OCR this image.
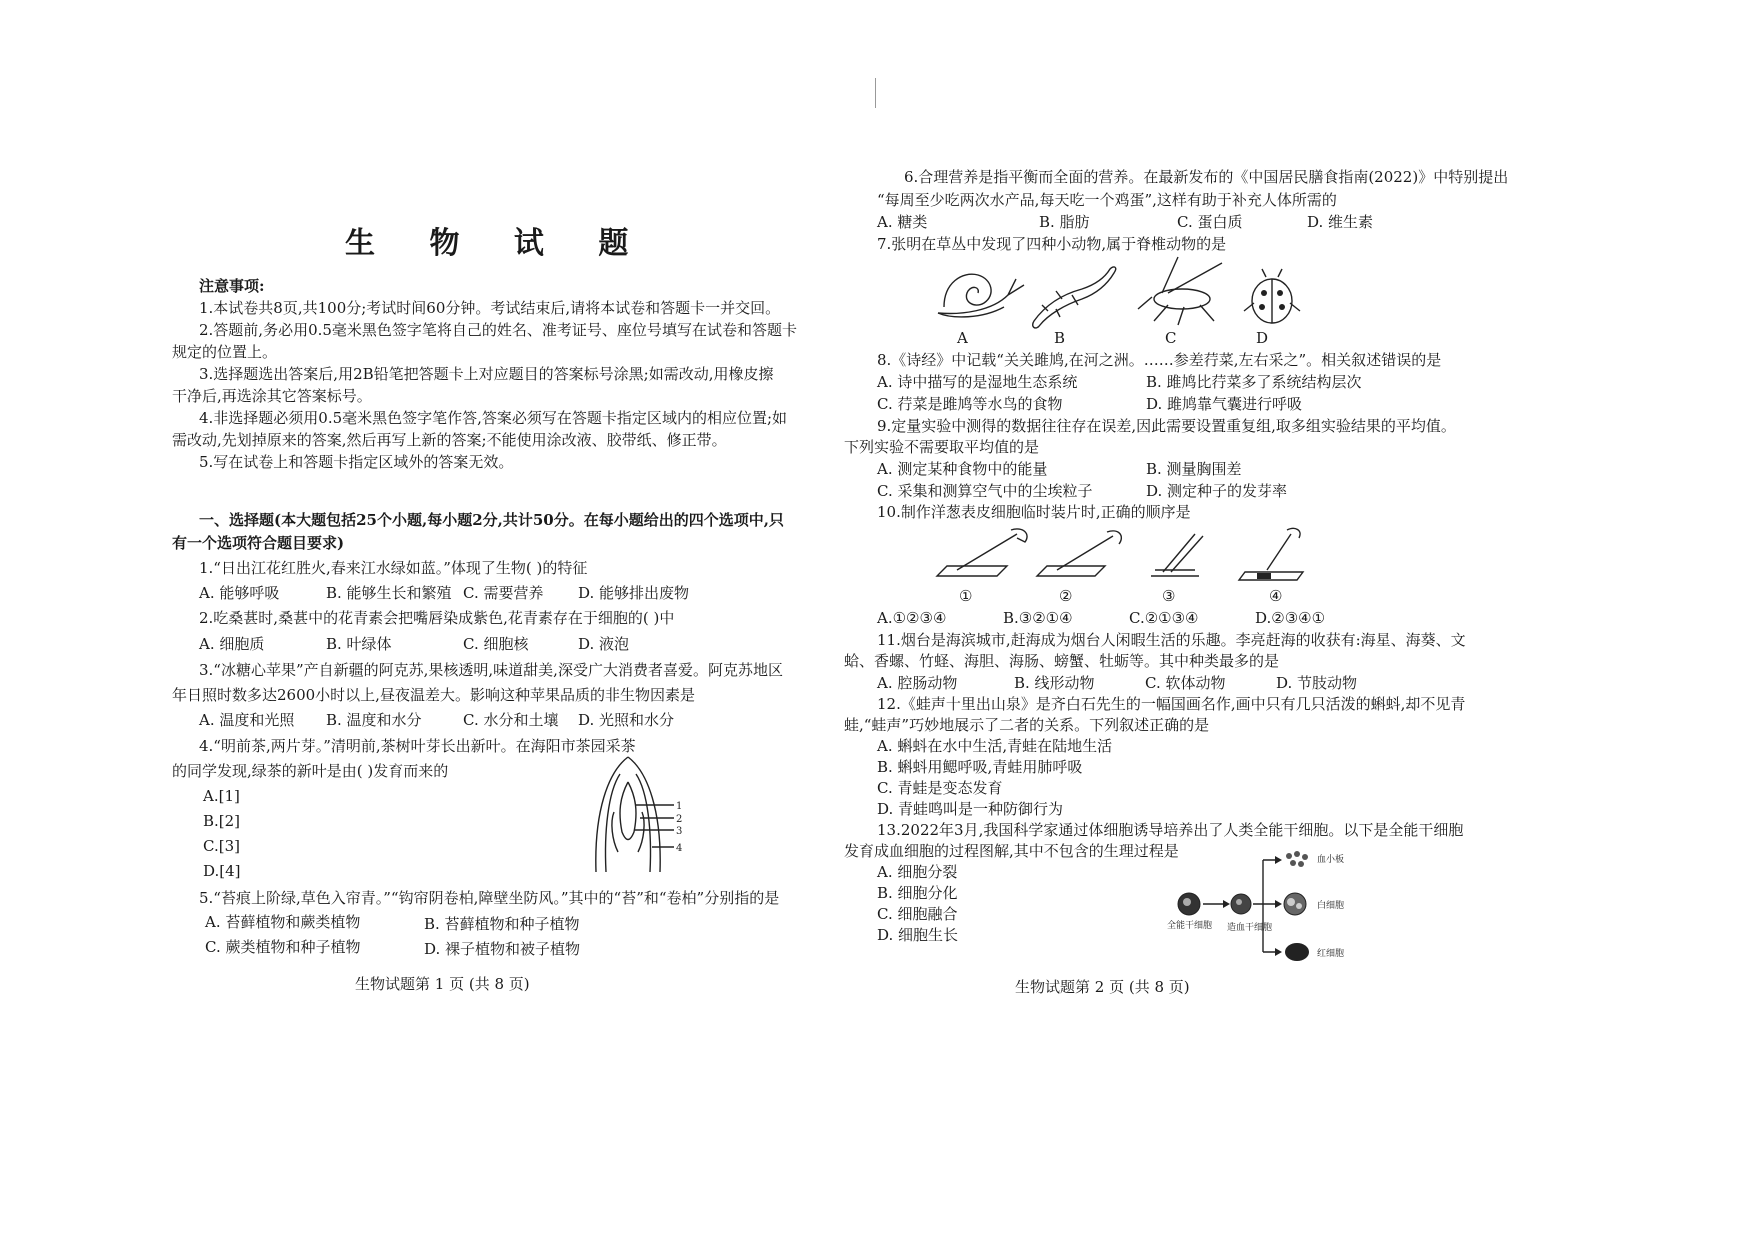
生 物 试 题
注意事项:
1.本试卷共8页,共100分;考试时间60分钟。考试结束后,请将本试卷和答题卡一并交回。
2.答题前,务必用0.5毫米黑色签字笔将自己的姓名、准考证号、座位号填写在试卷和答题卡
规定的位置上。
3.选择题选出答案后,用2B铅笔把答题卡上对应题目的答案标号涂黑;如需改动,用橡皮擦
干净后,再选涂其它答案标号。
4.非选择题必须用0.5毫米黑色签字笔作答,答案必须写在答题卡指定区域内的相应位置;如
需改动,先划掉原来的答案,然后再写上新的答案;不能使用涂改液、胶带纸、修正带。
5.写在试卷上和答题卡指定区域外的答案无效。
一、选择题(本大题包括25个小题,每小题2分,共计50分。在每小题给出的四个选项中,只
有一个选项符合题目要求)
1.“日出江花红胜火,春来江水绿如蓝。”体现了生物( )的特征
A. 能够呼吸	B. 能够生长和繁殖 C. 需要营养	D. 能够排出废物
2.吃桑葚时,桑葚中的花青素会把嘴唇染成紫色,花青素存在于细胞的( )中
A. 细胞质	B. 叶绿体	C. 细胞核	D. 液泡
3.“冰糖心苹果”产自新疆的阿克苏,果核透明,味道甜美,深受广大消费者喜爱。阿克苏地区
年日照时数多达2600小时以上,昼夜温差大。影响这种苹果品质的非生物因素是
A. 温度和光照	B. 温度和水分	C. 水分和土壤	D. 光照和水分
4.“明前茶,两片芽。”清明前,茶树叶芽长出新叶。在海阳市茶园采茶
的同学发现,绿茶的新叶是由( )发育而来的
A.[1]
B.[2]
C.[3]
D.[4]
1
2
3
4
5.“苔痕上阶绿,草色入帘青。”“钩帘阴卷柏,障壁坐防风。”其中的“苔”和“卷柏”分别指的是
A. 苔藓植物和蕨类植物	B. 苔藓植物和种子植物
C. 蕨类植物和种子植物	D. 裸子植物和被子植物
生物试题第 1 页 (共 8 页)
6.合理营养是指平衡而全面的营养。在最新发布的《中国居民膳食指南(2022)》中特别提出
“每周至少吃两次水产品,每天吃一个鸡蛋”,这样有助于补充人体所需的
A. 糖类	B. 脂肪	C. 蛋白质	D. 维生素
7.张明在草丛中发现了四种小动物,属于脊椎动物的是
A	B	C	D
8.《诗经》中记载“关关雎鸠,在河之洲。……参差荇菜,左右采之”。相关叙述错误的是
A. 诗中描写的是湿地生态系统	B. 雎鸠比荇菜多了系统结构层次
C. 荇菜是雎鸠等水鸟的食物	D. 雎鸠靠气囊进行呼吸
9.定量实验中测得的数据往往存在误差,因此需要设置重复组,取多组实验结果的平均值。
下列实验不需要取平均值的是
A. 测定某种食物中的能量	B. 测量胸围差
C. 采集和测算空气中的尘埃粒子	D. 测定种子的发芽率
10.制作洋葱表皮细胞临时装片时,正确的顺序是
①	②	③	④
A.①②③④	B.③②①④	C.②①③④	D.②③④①
11.烟台是海滨城市,赶海成为烟台人闲暇生活的乐趣。李亮赶海的收获有:海星、海葵、文
蛤、香螺、竹蛏、海胆、海肠、螃蟹、牡蛎等。其中种类最多的是
A. 腔肠动物	B. 线形动物	C. 软体动物	D. 节肢动物
12.《蛙声十里出山泉》是齐白石先生的一幅国画名作,画中只有几只活泼的蝌蚪,却不见青
蛙,“蛙声”巧妙地展示了二者的关系。下列叙述正确的是
A. 蝌蚪在水中生活,青蛙在陆地生活
B. 蝌蚪用鳃呼吸,青蛙用肺呼吸
C. 青蛙是变态发育
D. 青蛙鸣叫是一种防御行为
13.2022年3月,我国科学家通过体细胞诱导培养出了人类全能干细胞。以下是全能干细胞
发育成血细胞的过程图解,其中不包含的生理过程是
A. 细胞分裂
B. 细胞分化
C. 细胞融合
D. 细胞生长	全能干细胞 造血干细胞
血小板
白细胞
红细胞
生物试题第 2 页 (共 8 页)
